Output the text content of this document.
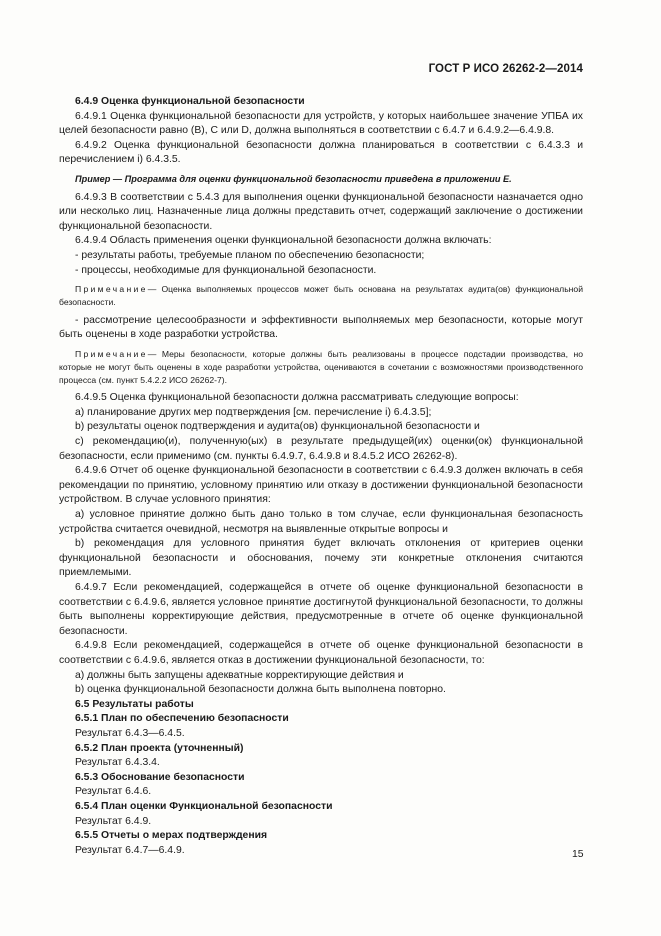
ГОСТ Р ИСО 26262-2—2014

6.4.9 Оценка функциональной безопасности

6.4.9.1 Оценка функциональной безопасности для устройств, у которых наибольшее значение УПБА их целей безопасности равно (B), C или D, должна выполняться в соответствии с 6.4.7 и 6.4.9.2—6.4.9.8.

6.4.9.2 Оценка функциональной безопасности должна планироваться в соответствии с 6.4.3.3 и перечислением i) 6.4.3.5.

Пример — Программа для оценки функциональной безопасности приведена в приложении Е.

6.4.9.3 В соответствии с 5.4.3 для выполнения оценки функциональной безопасности назначается одно или несколько лиц. Назначенные лица должны представить отчет, содержащий заключение о достижении функциональной безопасности.

6.4.9.4 Область применения оценки функциональной безопасности должна включать:

- результаты работы, требуемые планом по обеспечению безопасности;

- процессы, необходимые для функциональной безопасности.

Примечание— Оценка выполняемых процессов может быть основана на результатах аудита(ов) функциональной безопасности.

- рассмотрение целесообразности и эффективности выполняемых мер безопасности, которые могут быть оценены в ходе разработки устройства.

Примечание— Меры безопасности, которые должны быть реализованы в процессе подстадии производства, но которые не могут быть оценены в ходе разработки устройства, оцениваются в сочетании с возможностями производственного процесса (см. пункт 5.4.2.2 ИСО 26262-7).

6.4.9.5 Оценка функциональной безопасности должна рассматривать следующие вопросы:

a) планирование других мер подтверждения [см. перечисление i) 6.4.3.5];

b) результаты оценок подтверждения и аудита(ов) функциональной безопасности и

c) рекомендацию(и), полученную(ых) в результате предыдущей(их) оценки(ок) функциональной безопасности, если применимо (см. пункты 6.4.9.7, 6.4.9.8 и 8.4.5.2 ИСО 26262-8).

6.4.9.6 Отчет об оценке функциональной безопасности в соответствии с 6.4.9.3 должен включать в себя рекомендации по принятию, условному принятию или отказу в достижении функциональной безопасности устройством. В случае условного принятия:

a) условное принятие должно быть дано только в том случае, если функциональная безопасность устройства считается очевидной, несмотря на выявленные открытые вопросы и

b) рекомендация для условного принятия будет включать отклонения от критериев оценки функциональной безопасности и обоснования, почему эти конкретные отклонения считаются приемлемыми.

6.4.9.7 Если рекомендацией, содержащейся в отчете об оценке функциональной безопасности в соответствии с 6.4.9.6, является условное принятие достигнутой функциональной безопасности, то должны быть выполнены корректирующие действия, предусмотренные в отчете об оценке функциональной безопасности.

6.4.9.8 Если рекомендацией, содержащейся в отчете об оценке функциональной безопасности в соответствии с 6.4.9.6, является отказ в достижении функциональной безопасности, то:

a) должны быть запущены адекватные корректирующие действия и

b) оценка функциональной безопасности должна быть выполнена повторно.

6.5 Результаты работы

6.5.1 План по обеспечению безопасности

Результат 6.4.3—6.4.5.

6.5.2 План проекта (уточненный)

Результат 6.4.3.4.

6.5.3 Обоснование безопасности

Результат 6.4.6.

6.5.4 План оценки Функциональной безопасности

Результат 6.4.9.

6.5.5 Отчеты о мерах подтверждения

Результат 6.4.7—6.4.9.	15
